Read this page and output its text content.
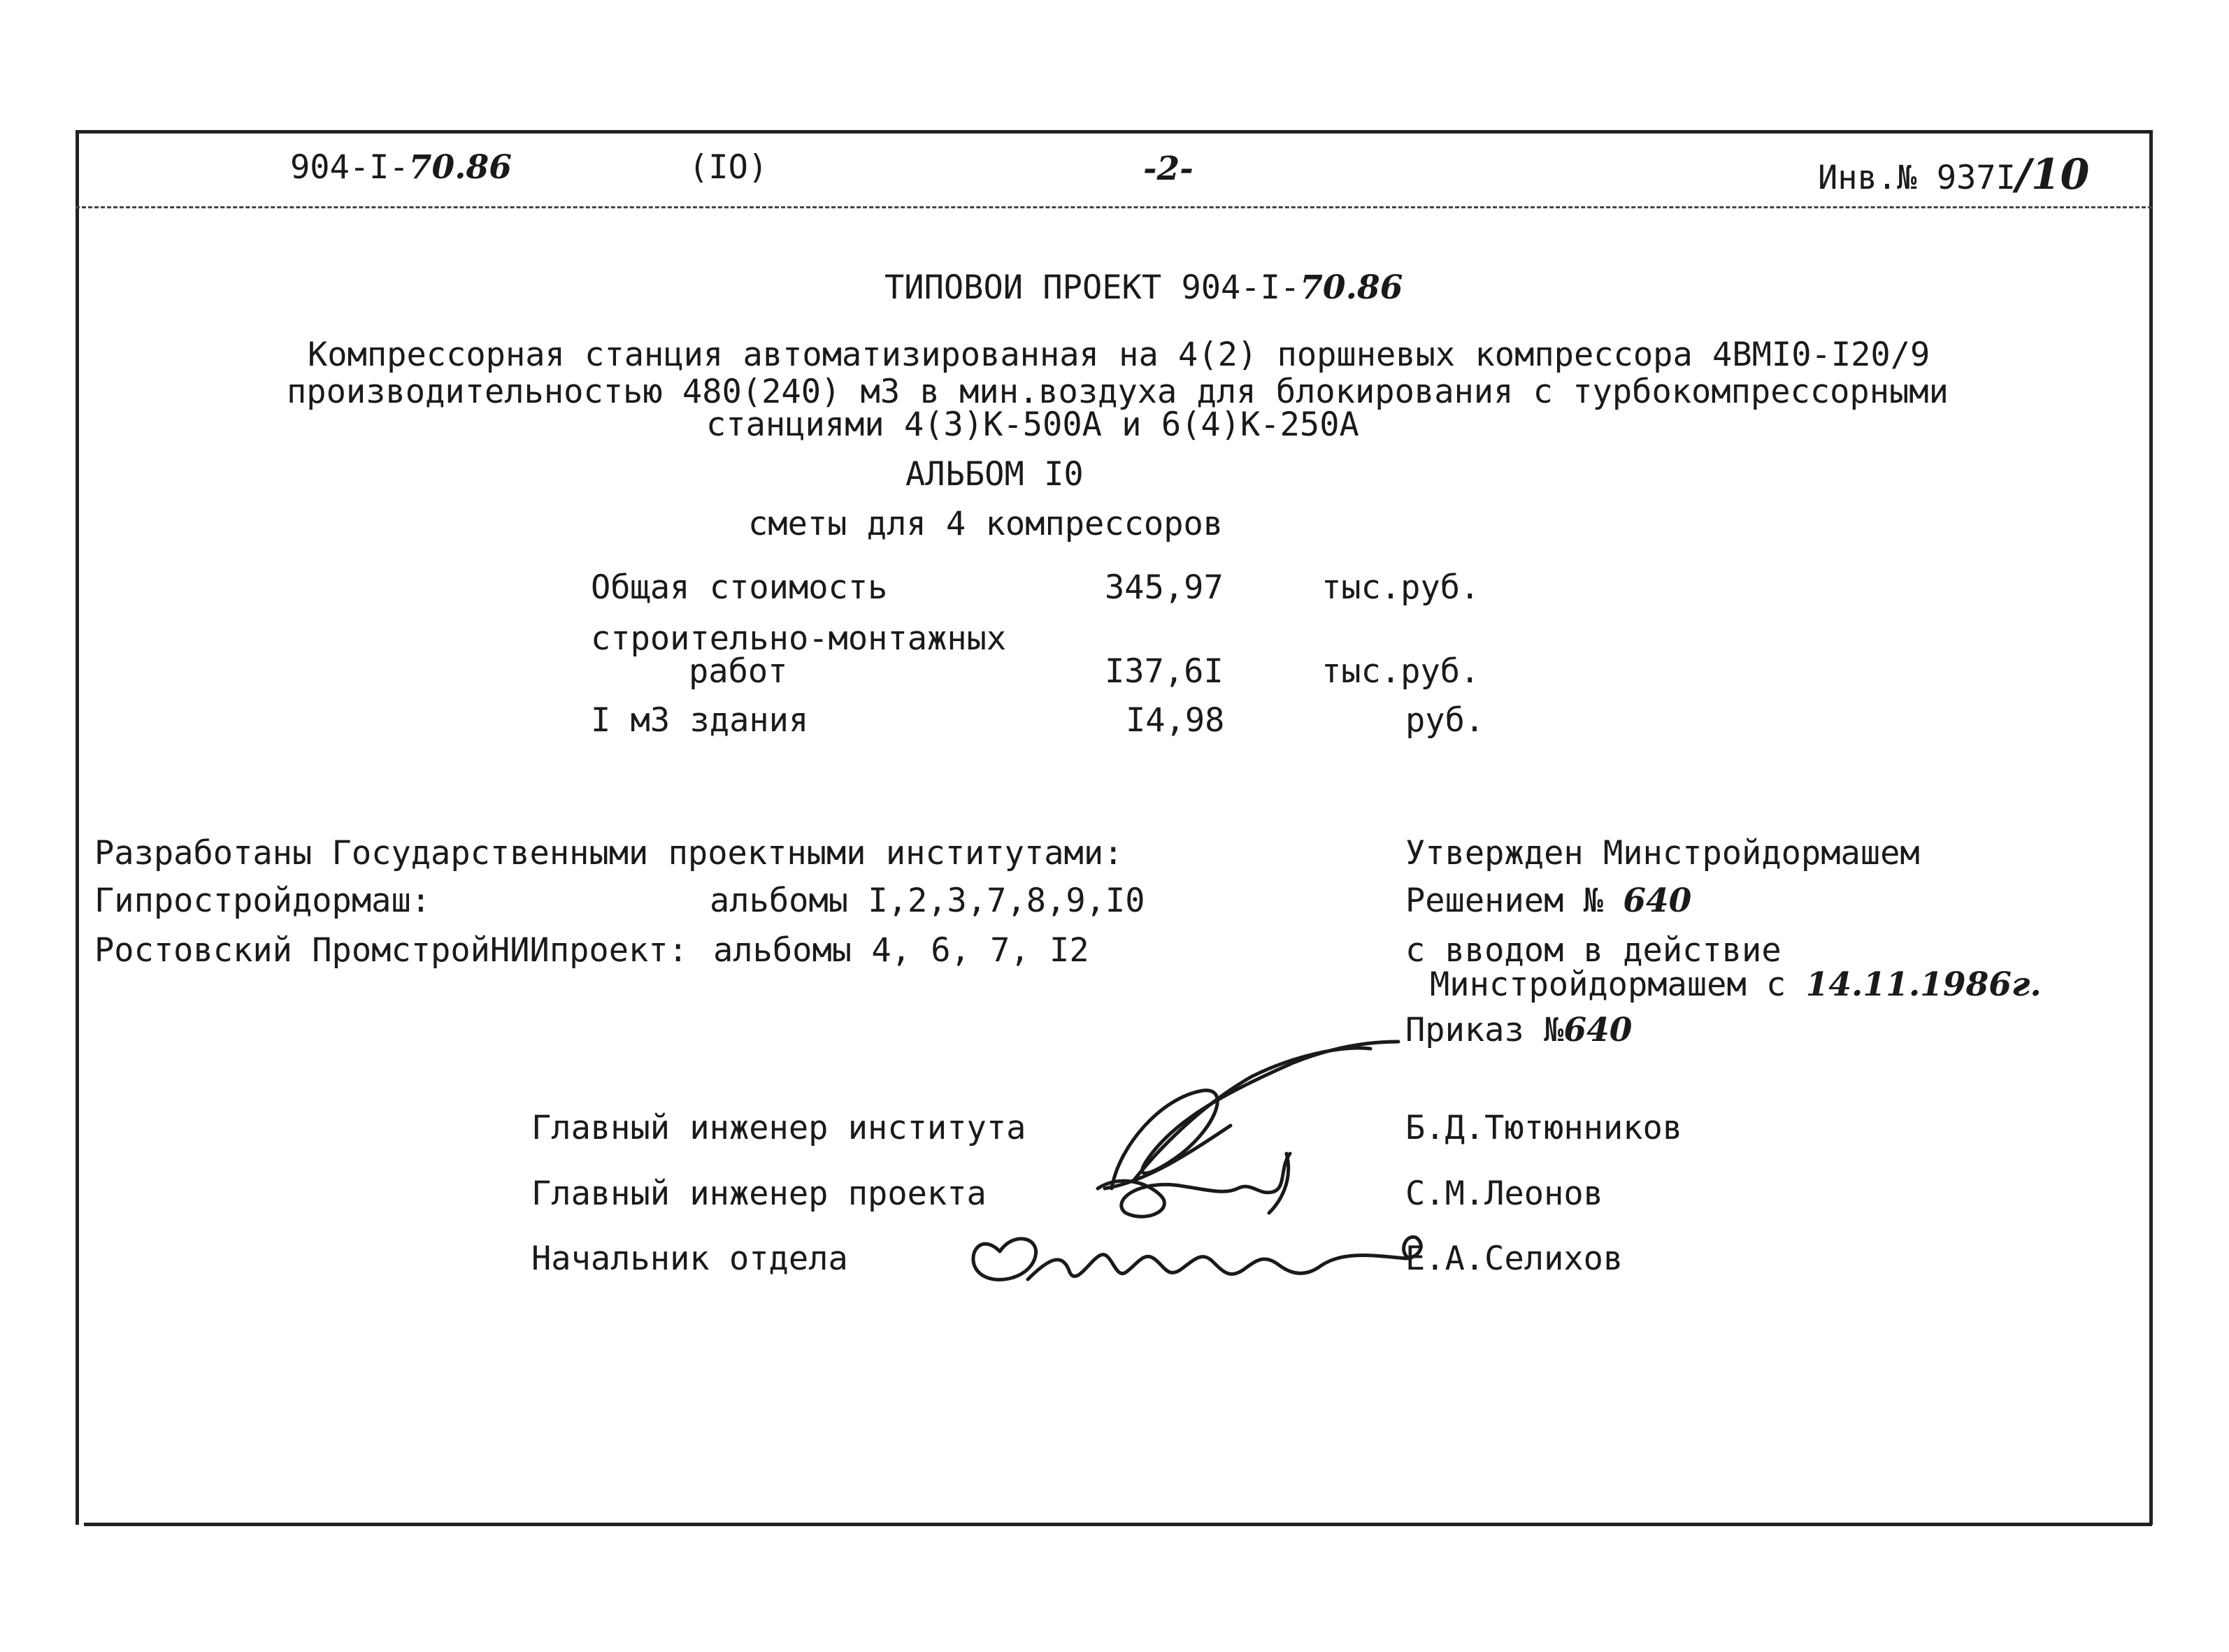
904-I-70.86	(IO)	-2-	Инв.№ 937I/10
ТИПОВОИ ПРОЕКТ 904-I-70.86
Компрессорная станция автоматизированная на 4(2) поршневых компрессора 4ВМI0-I20/9
производительностью 480(240) м3 в мин.воздуха для блокирования с турбокомпрессорными
станциями 4(3)К-500А и 6(4)К-250А
АЛЬБОМ I0
сметы для 4 компрессоров
Общая стоимость	345,97	тыс.руб.
строительно-монтажных
работ	I37,6I	тыс.руб.
I м3 здания	I4,98	руб.
Разработаны Государственными проектными институтами:
Гипростройдормаш:	альбомы I,2,3,7,8,9,I0
Ростовский ПромстройНИИпроект: альбомы 4, 6, 7, I2
Утвержден Минстройдормашем
Решением № 640
с вводом в действие
Минстройдормашем с 14.11.1986г.
Приказ №640
Главный инженер института	Б.Д.Тютюнников
Главный инженер проекта	С.М.Леонов
Начальник отдела	Е.А.Селихов
